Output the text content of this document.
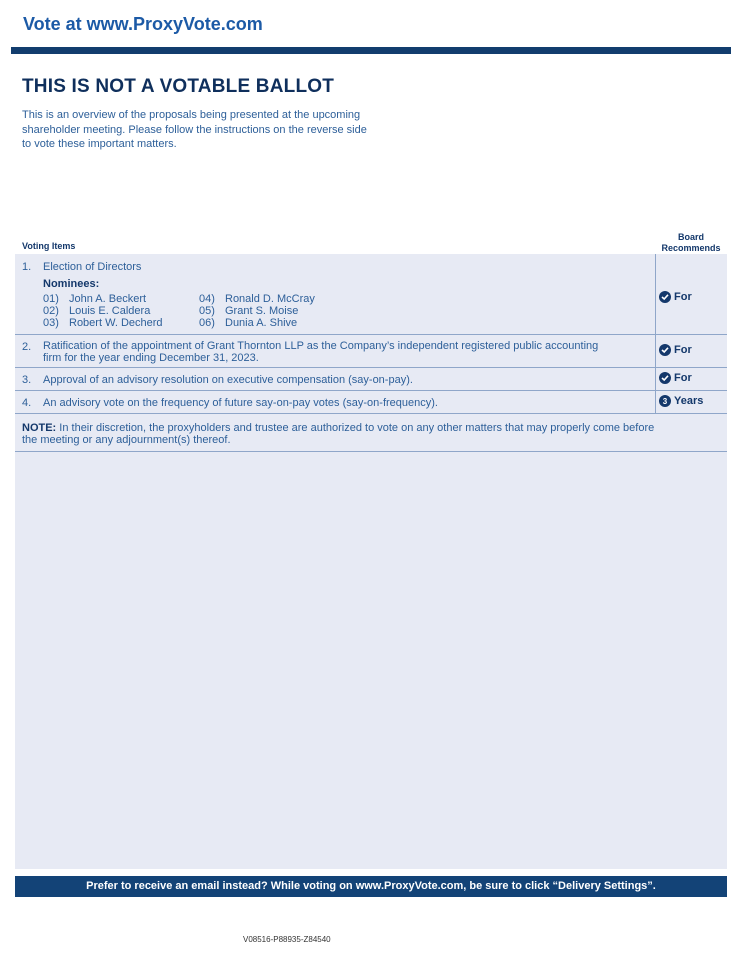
Vote at www.ProxyVote.com
THIS IS NOT A VOTABLE BALLOT
This is an overview of the proposals being presented at the upcoming shareholder meeting. Please follow the instructions on the reverse side to vote these important matters.
Voting Items
Board
Recommends
1. Election of Directors
Nominees:
01) John A. Beckert
02) Louis E. Caldera
03) Robert W. Decherd
04) Ronald D. McCray
05) Grant S. Moise
06) Dunia A. Shive
For
2. Ratification of the appointment of Grant Thornton LLP as the Company’s independent registered public accounting
firm for the year ending December 31, 2023.
For
3. Approval of an advisory resolution on executive compensation (say-on-pay).	For
4. An advisory vote on the frequency of future say-on-pay votes (say-on-frequency).	3 Years
NOTE: In their discretion, the proxyholders and trustee are authorized to vote on any other matters that may properly come before the meeting or any adjournment(s) thereof.
Prefer to receive an email instead? While voting on www.ProxyVote.com, be sure to click “Delivery Settings”.
V08516-P88935-Z84540
